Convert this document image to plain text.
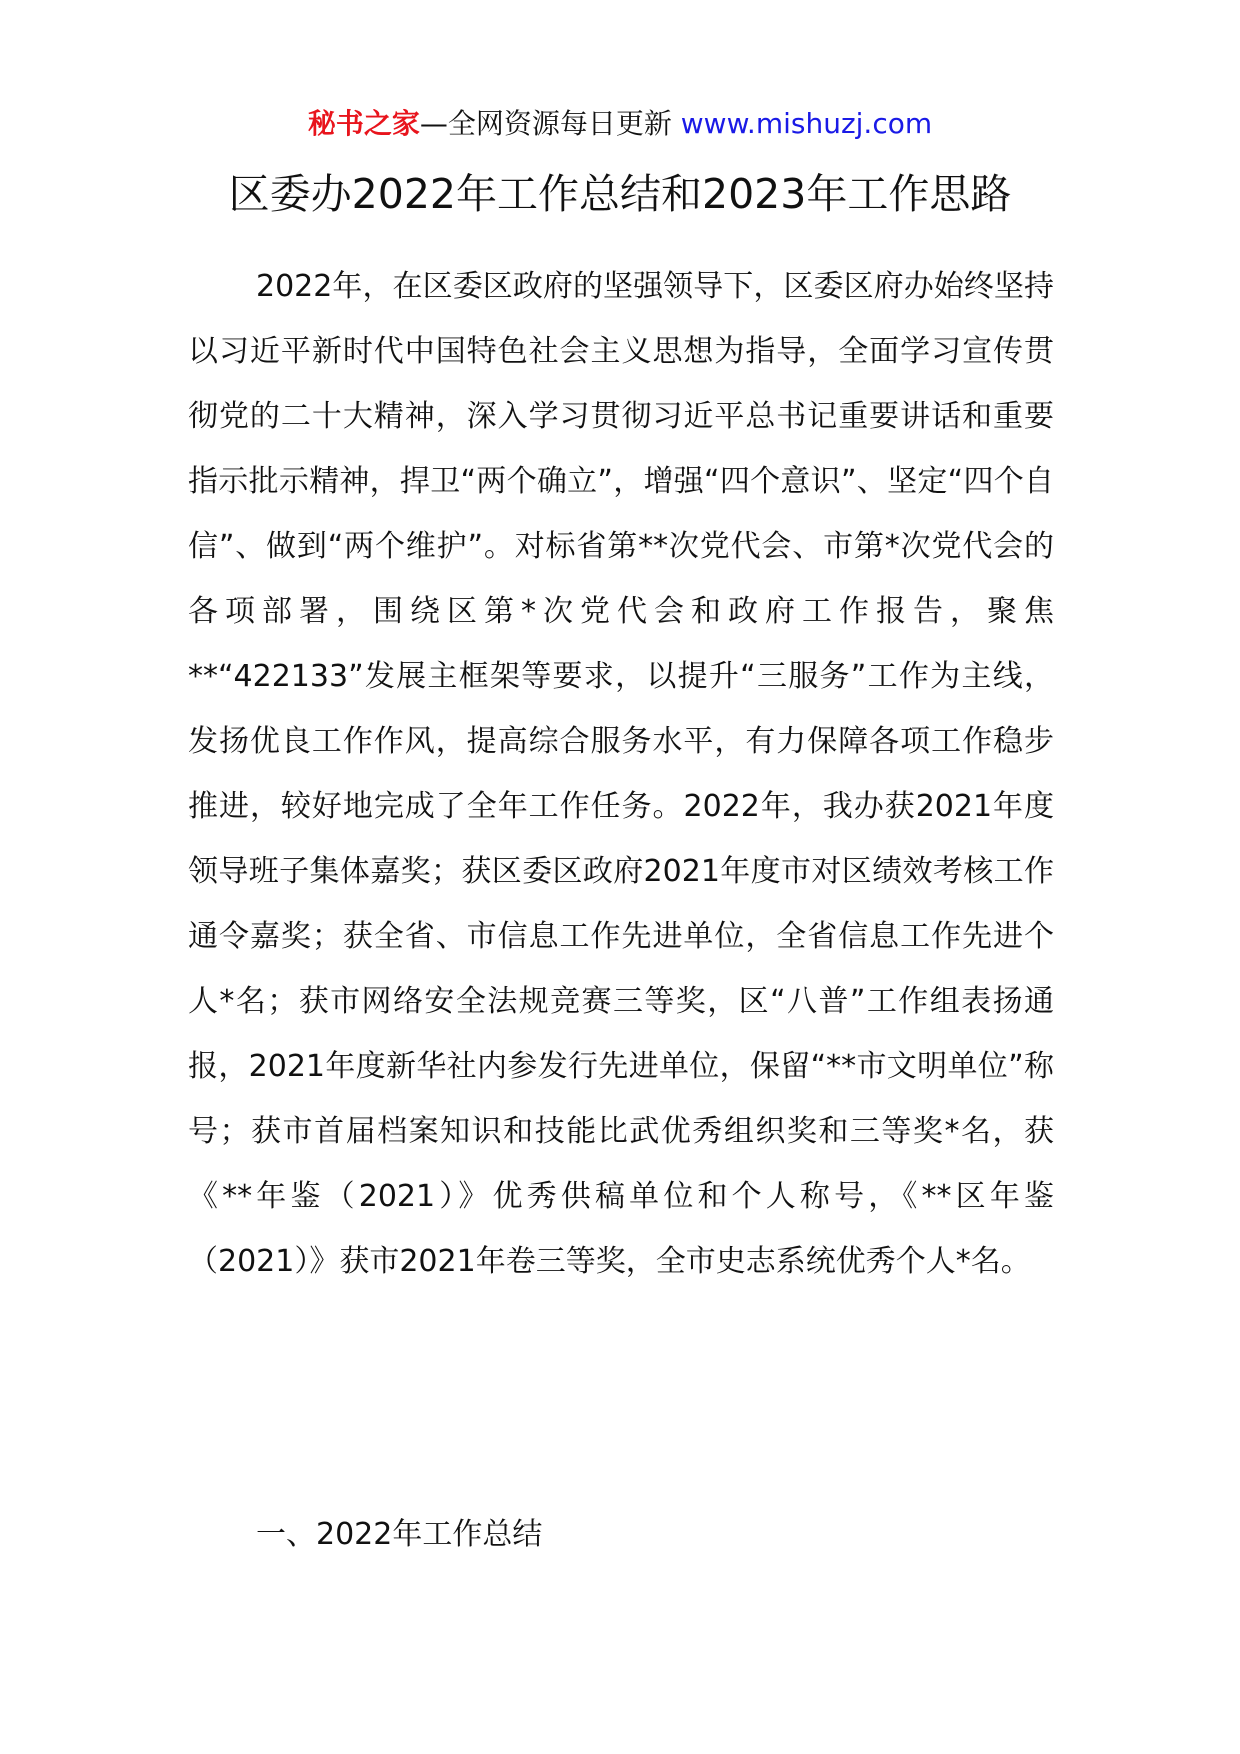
秘书之家—全网资源每日更新 www.mishuzj.com
区委办2022年工作总结和2023年工作思路

2022年，在区委区政府的坚强领导下，区委区府办始终坚持以习近平新时代中国特色社会主义思想为指导，全面学习宣传贯彻党的二十大精神，深入学习贯彻习近平总书记重要讲话和重要指示批示精神，捍卫“两个确立”，增强“四个意识”、坚定“四个自信”、做到“两个维护”。对标省第**次党代会、市第*次党代会的各项部署，围绕区第*次党代会和政府工作报告，聚焦**“422133”发展主框架等要求，以提升“三服务”工作为主线，发扬优良工作作风，提高综合服务水平，有力保障各项工作稳步推进，较好地完成了全年工作任务。2022年，我办获2021年度领导班子集体嘉奖；获区委区政府2021年度市对区绩效考核工作通令嘉奖；获全省、市信息工作先进单位，全省信息工作先进个人*名；获市网络安全法规竞赛三等奖，区“八普”工作组表扬通报，2021年度新华社内参发行先进单位，保留“**市文明单位”称号；获市首届档案知识和技能比武优秀组织奖和三等奖*名，获《**年鉴（2021）》优秀供稿单位和个人称号，《**区年鉴（2021）》获市2021年卷三等奖，全市史志系统优秀个人*名。

一、2022年工作总结
